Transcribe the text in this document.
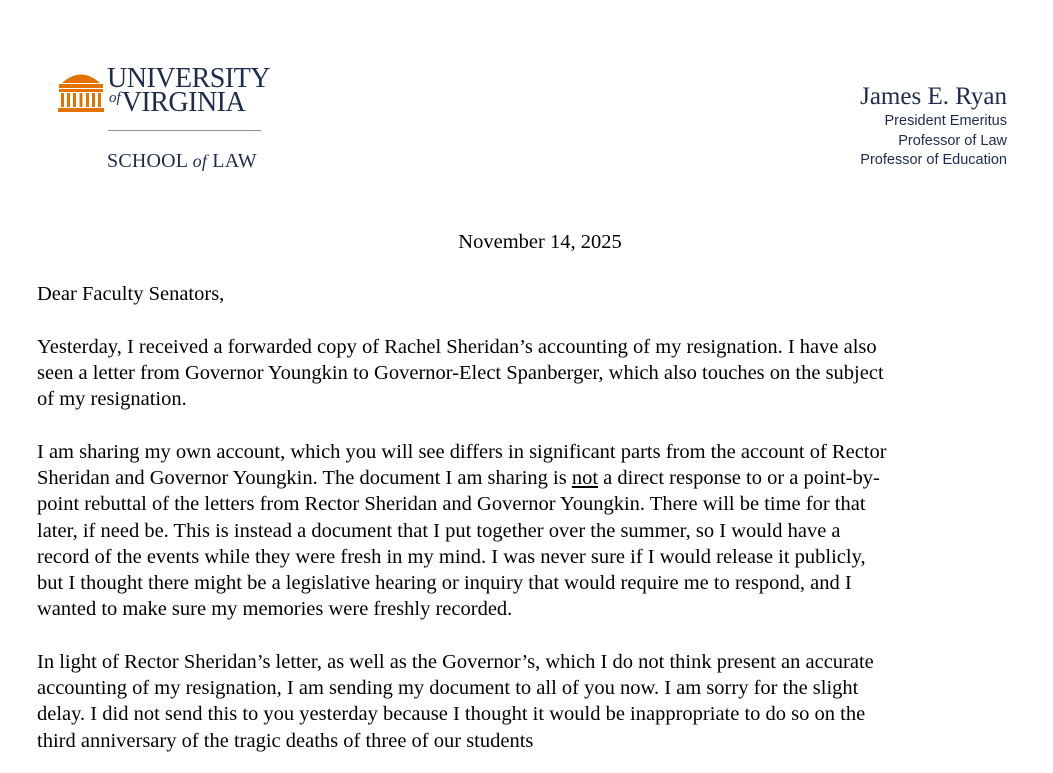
UNIVERSITY
$^{of}$VIRGINIA
SCHOOL of LAW
James E. Ryan
President Emeritus
Professor of Law
Professor of Education
November 14, 2025
Dear Faculty Senators,
Yesterday, I received a forwarded copy of Rachel Sheridan’s accounting of my resignation. I have also
seen a letter from Governor Youngkin to Governor-Elect Spanberger, which also touches on the subject
of my resignation.
I am sharing my own account, which you will see differs in significant parts from the account of Rector
Sheridan and Governor Youngkin. The document I am sharing is not a direct response to or a point-by-
point rebuttal of the letters from Rector Sheridan and Governor Youngkin. There will be time for that
later, if need be. This is instead a document that I put together over the summer, so I would have a
record of the events while they were fresh in my mind. I was never sure if I would release it publicly,
but I thought there might be a legislative hearing or inquiry that would require me to respond, and I
wanted to make sure my memories were freshly recorded.
In light of Rector Sheridan’s letter, as well as the Governor’s, which I do not think present an accurate
accounting of my resignation, I am sending my document to all of you now. I am sorry for the slight
delay. I did not send this to you yesterday because I thought it would be inappropriate to do so on the
third anniversary of the tragic deaths of three of our students
